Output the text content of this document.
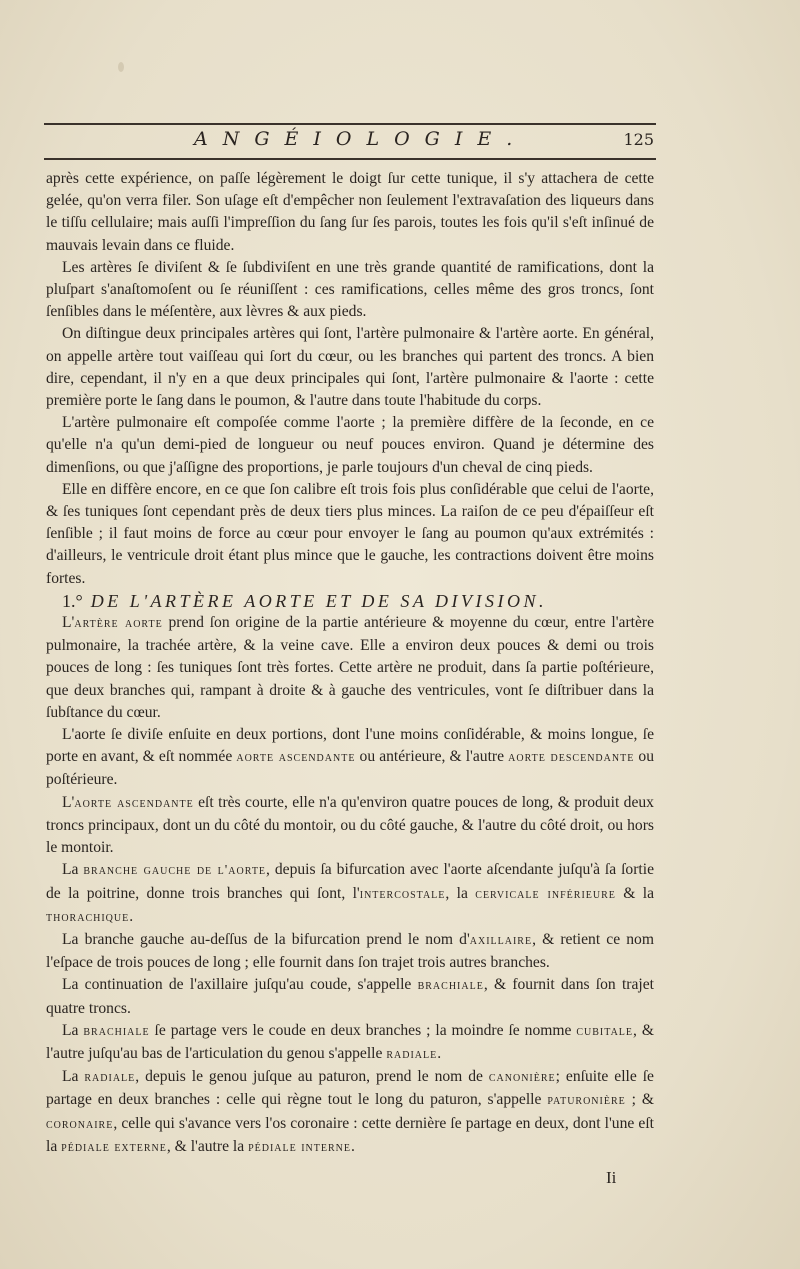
ANGÉIOLOGIE.	125

après cette expérience, on paſſe légèrement le doigt ſur cette tunique, il s'y attachera de cette gelée, qu'on verra filer. Son uſage eſt d'empêcher non ſeulement l'extravaſation des liqueurs dans le tiſſu cellulaire; mais auſſi l'impreſſion du ſang ſur ſes parois, toutes les fois qu'il s'eſt inſinué de mauvais levain dans ce fluide.

Les artères ſe diviſent & ſe ſubdiviſent en une très grande quantité de ramifications, dont la pluſpart s'anaſtomoſent ou ſe réuniſſent : ces ramifications, celles même des gros troncs, ſont ſenſibles dans le méſentère, aux lèvres & aux pieds.

On diſtingue deux principales artères qui ſont, l'artère pulmonaire & l'artère aorte. En général, on appelle artère tout vaiſſeau qui ſort du cœur, ou les branches qui partent des troncs. A bien dire, cependant, il n'y en a que deux principales qui ſont, l'artère pulmonaire & l'aorte : cette première porte le ſang dans le poumon, & l'autre dans toute l'habitude du corps.

L'artère pulmonaire eſt compoſée comme l'aorte ; la première diffère de la ſeconde, en ce qu'elle n'a qu'un demi-pied de longueur ou neuf pouces environ. Quand je détermine des dimenſions, ou que j'aſſigne des proportions, je parle toujours d'un cheval de cinq pieds.

Elle en diffère encore, en ce que ſon calibre eſt trois fois plus conſidérable que celui de l'aorte, & ſes tuniques ſont cependant près de deux tiers plus minces. La raiſon de ce peu d'épaiſſeur eſt ſenſible ; il faut moins de force au cœur pour envoyer le ſang au poumon qu'aux extrémités : d'ailleurs, le ventricule droit étant plus mince que le gauche, les contractions doivent être moins fortes.

1.° DE L'ARTÈRE AORTE ET DE SA DIVISION.

L'artère aorte prend ſon origine de la partie antérieure & moyenne du cœur, entre l'artère pulmonaire, la trachée artère, & la veine cave. Elle a environ deux pouces & demi ou trois pouces de long : ſes tuniques ſont très fortes. Cette artère ne produit, dans ſa partie poſtérieure, que deux branches qui, rampant à droite & à gauche des ventricules, vont ſe diſtribuer dans la ſubſtance du cœur.

L'aorte ſe diviſe enſuite en deux portions, dont l'une moins conſidérable, & moins longue, ſe porte en avant, & eſt nommée aorte ascendante ou antérieure, & l'autre aorte descendante ou poſtérieure.

L'aorte ascendante eſt très courte, elle n'a qu'environ quatre pouces de long, & produit deux troncs principaux, dont un du côté du montoir, ou du côté gauche, & l'autre du côté droit, ou hors le montoir.

La branche gauche de l'aorte, depuis ſa bifurcation avec l'aorte aſcendante juſqu'à ſa ſortie de la poitrine, donne trois branches qui ſont, l'intercostale, la cervicale inférieure & la thorachique.

La branche gauche au-deſſus de la bifurcation prend le nom d'axillaire, & retient ce nom l'eſpace de trois pouces de long ; elle fournit dans ſon trajet trois autres branches.

La continuation de l'axillaire juſqu'au coude, s'appelle brachiale, & fournit dans ſon trajet quatre troncs.

La brachiale ſe partage vers le coude en deux branches ; la moindre ſe nomme cubitale, & l'autre juſqu'au bas de l'articulation du genou s'appelle radiale.

La radiale, depuis le genou juſque au paturon, prend le nom de canonière; enſuite elle ſe partage en deux branches : celle qui règne tout le long du paturon, s'appelle paturonière ; & coronaire, celle qui s'avance vers l'os coronaire : cette dernière ſe partage en deux, dont l'une eſt la pédiale externe, & l'autre la pédiale interne.

Ii
